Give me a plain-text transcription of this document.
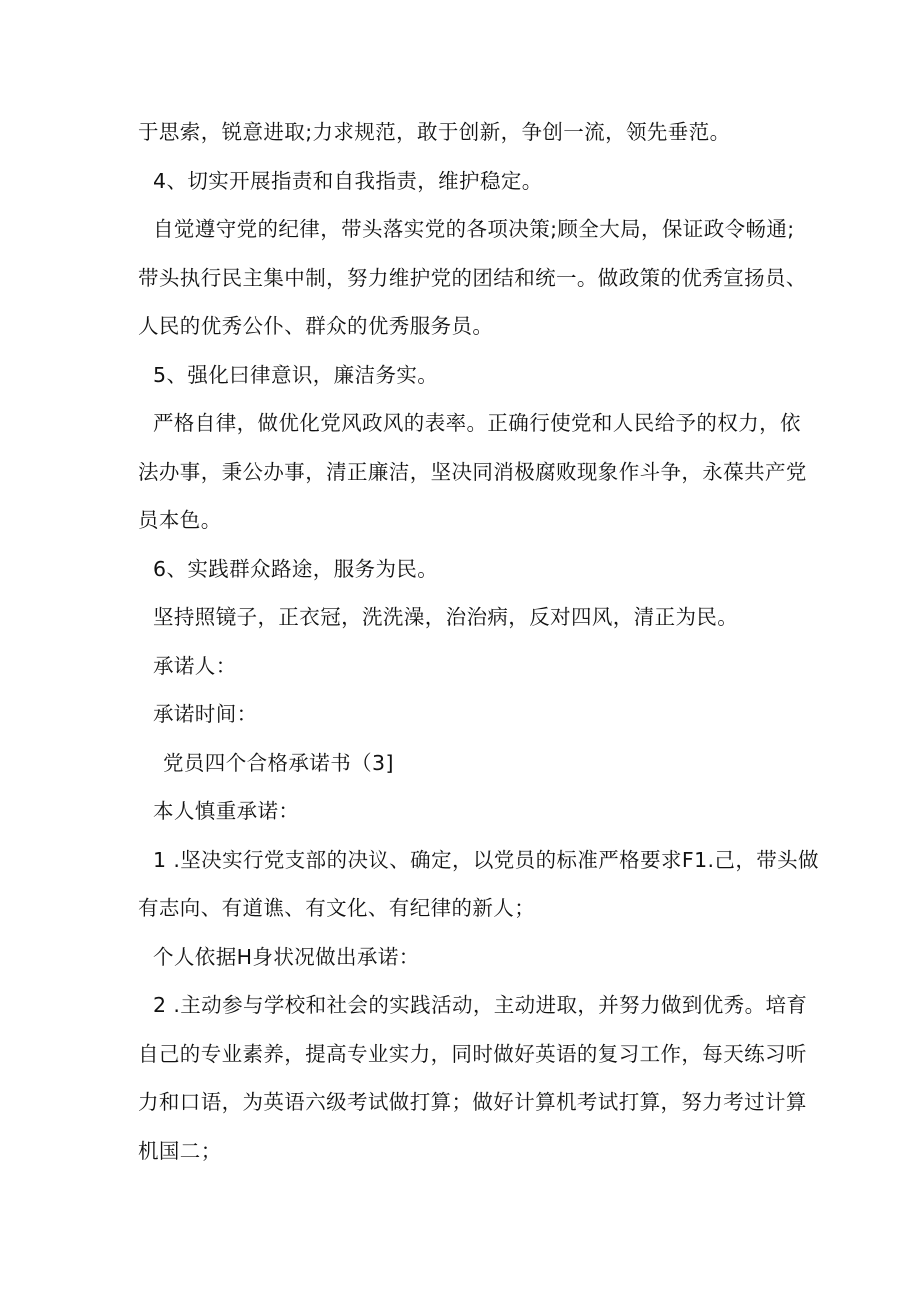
于思索，锐意进取;力求规范，敢于创新，争创一流，领先垂范。
4、切实开展指责和自我指责，维护稳定。
自觉遵守党的纪律，带头落实党的各项决策;顾全大局，保证政令畅通;
带头执行民主集中制，努力维护党的团结和统一。做政策的优秀宣扬员、
人民的优秀公仆、群众的优秀服务员。
5、强化曰律意识，廉洁务实。
严格自律，做优化党风政风的表率。正确行使党和人民给予的权力，依
法办事，秉公办事，清正廉洁，坚决同消极腐败现象作斗争，永葆共产党
员本色。
6、实践群众路途，服务为民。
坚持照镜子，正衣冠，洗洗澡，治治病，反对四风，清正为民。
承诺人：
承诺时间：
党员四个合格承诺书（3]
本人慎重承诺：
1 .坚决实行党支部的决议、确定，以党员的标准严格要求F1.己，带头做
有志向、有道谯、有文化、有纪律的新人；
个人依据H身状况做出承诺：
2 .主动参与学校和社会的实践活动，主动进取，并努力做到优秀。培育
自己的专业素养，提高专业实力，同时做好英语的复习工作，每天练习听
力和口语，为英语六级考试做打算；做好计算机考试打算，努力考过计算
机国二；
